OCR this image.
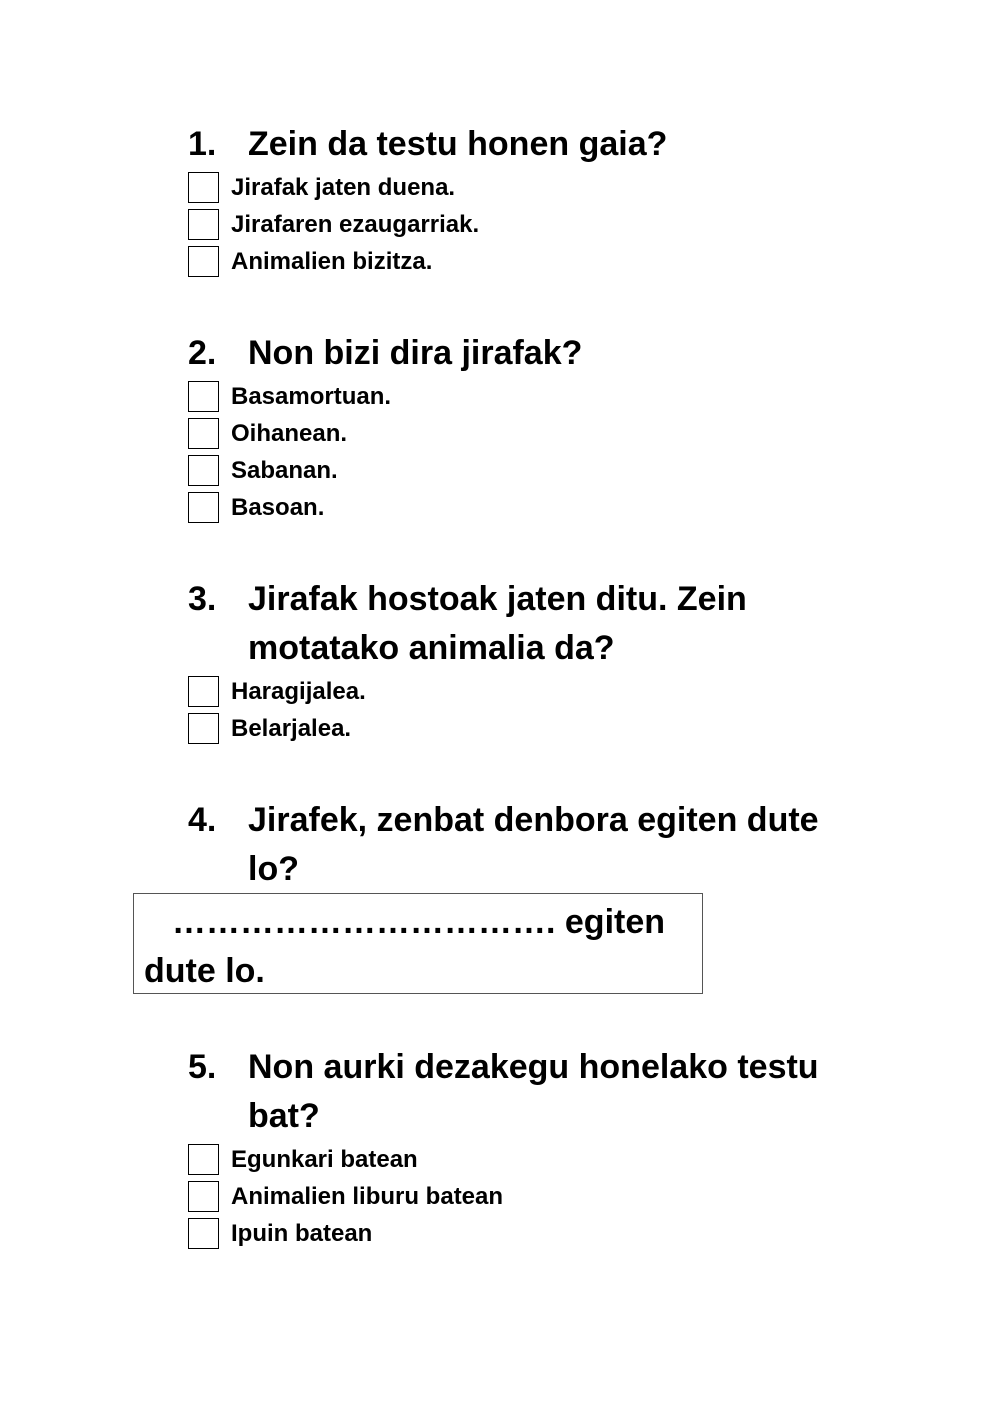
1. Zein da testu honen gaia?
Jirafak jaten duena.
Jirafaren ezaugarriak.
Animalien bizitza.
2. Non bizi dira jirafak?
Basamortuan.
Oihanean.
Sabanan.
Basoan.
3. Jirafak hostoak jaten ditu. Zein motatako animalia da?
Haragijalea.
Belarjalea.
4. Jirafek, zenbat denbora egiten dute lo?
……………………………. egiten
dute lo.
5. Non aurki dezakegu honelako testu bat?
Egunkari batean
Animalien liburu batean
Ipuin batean
